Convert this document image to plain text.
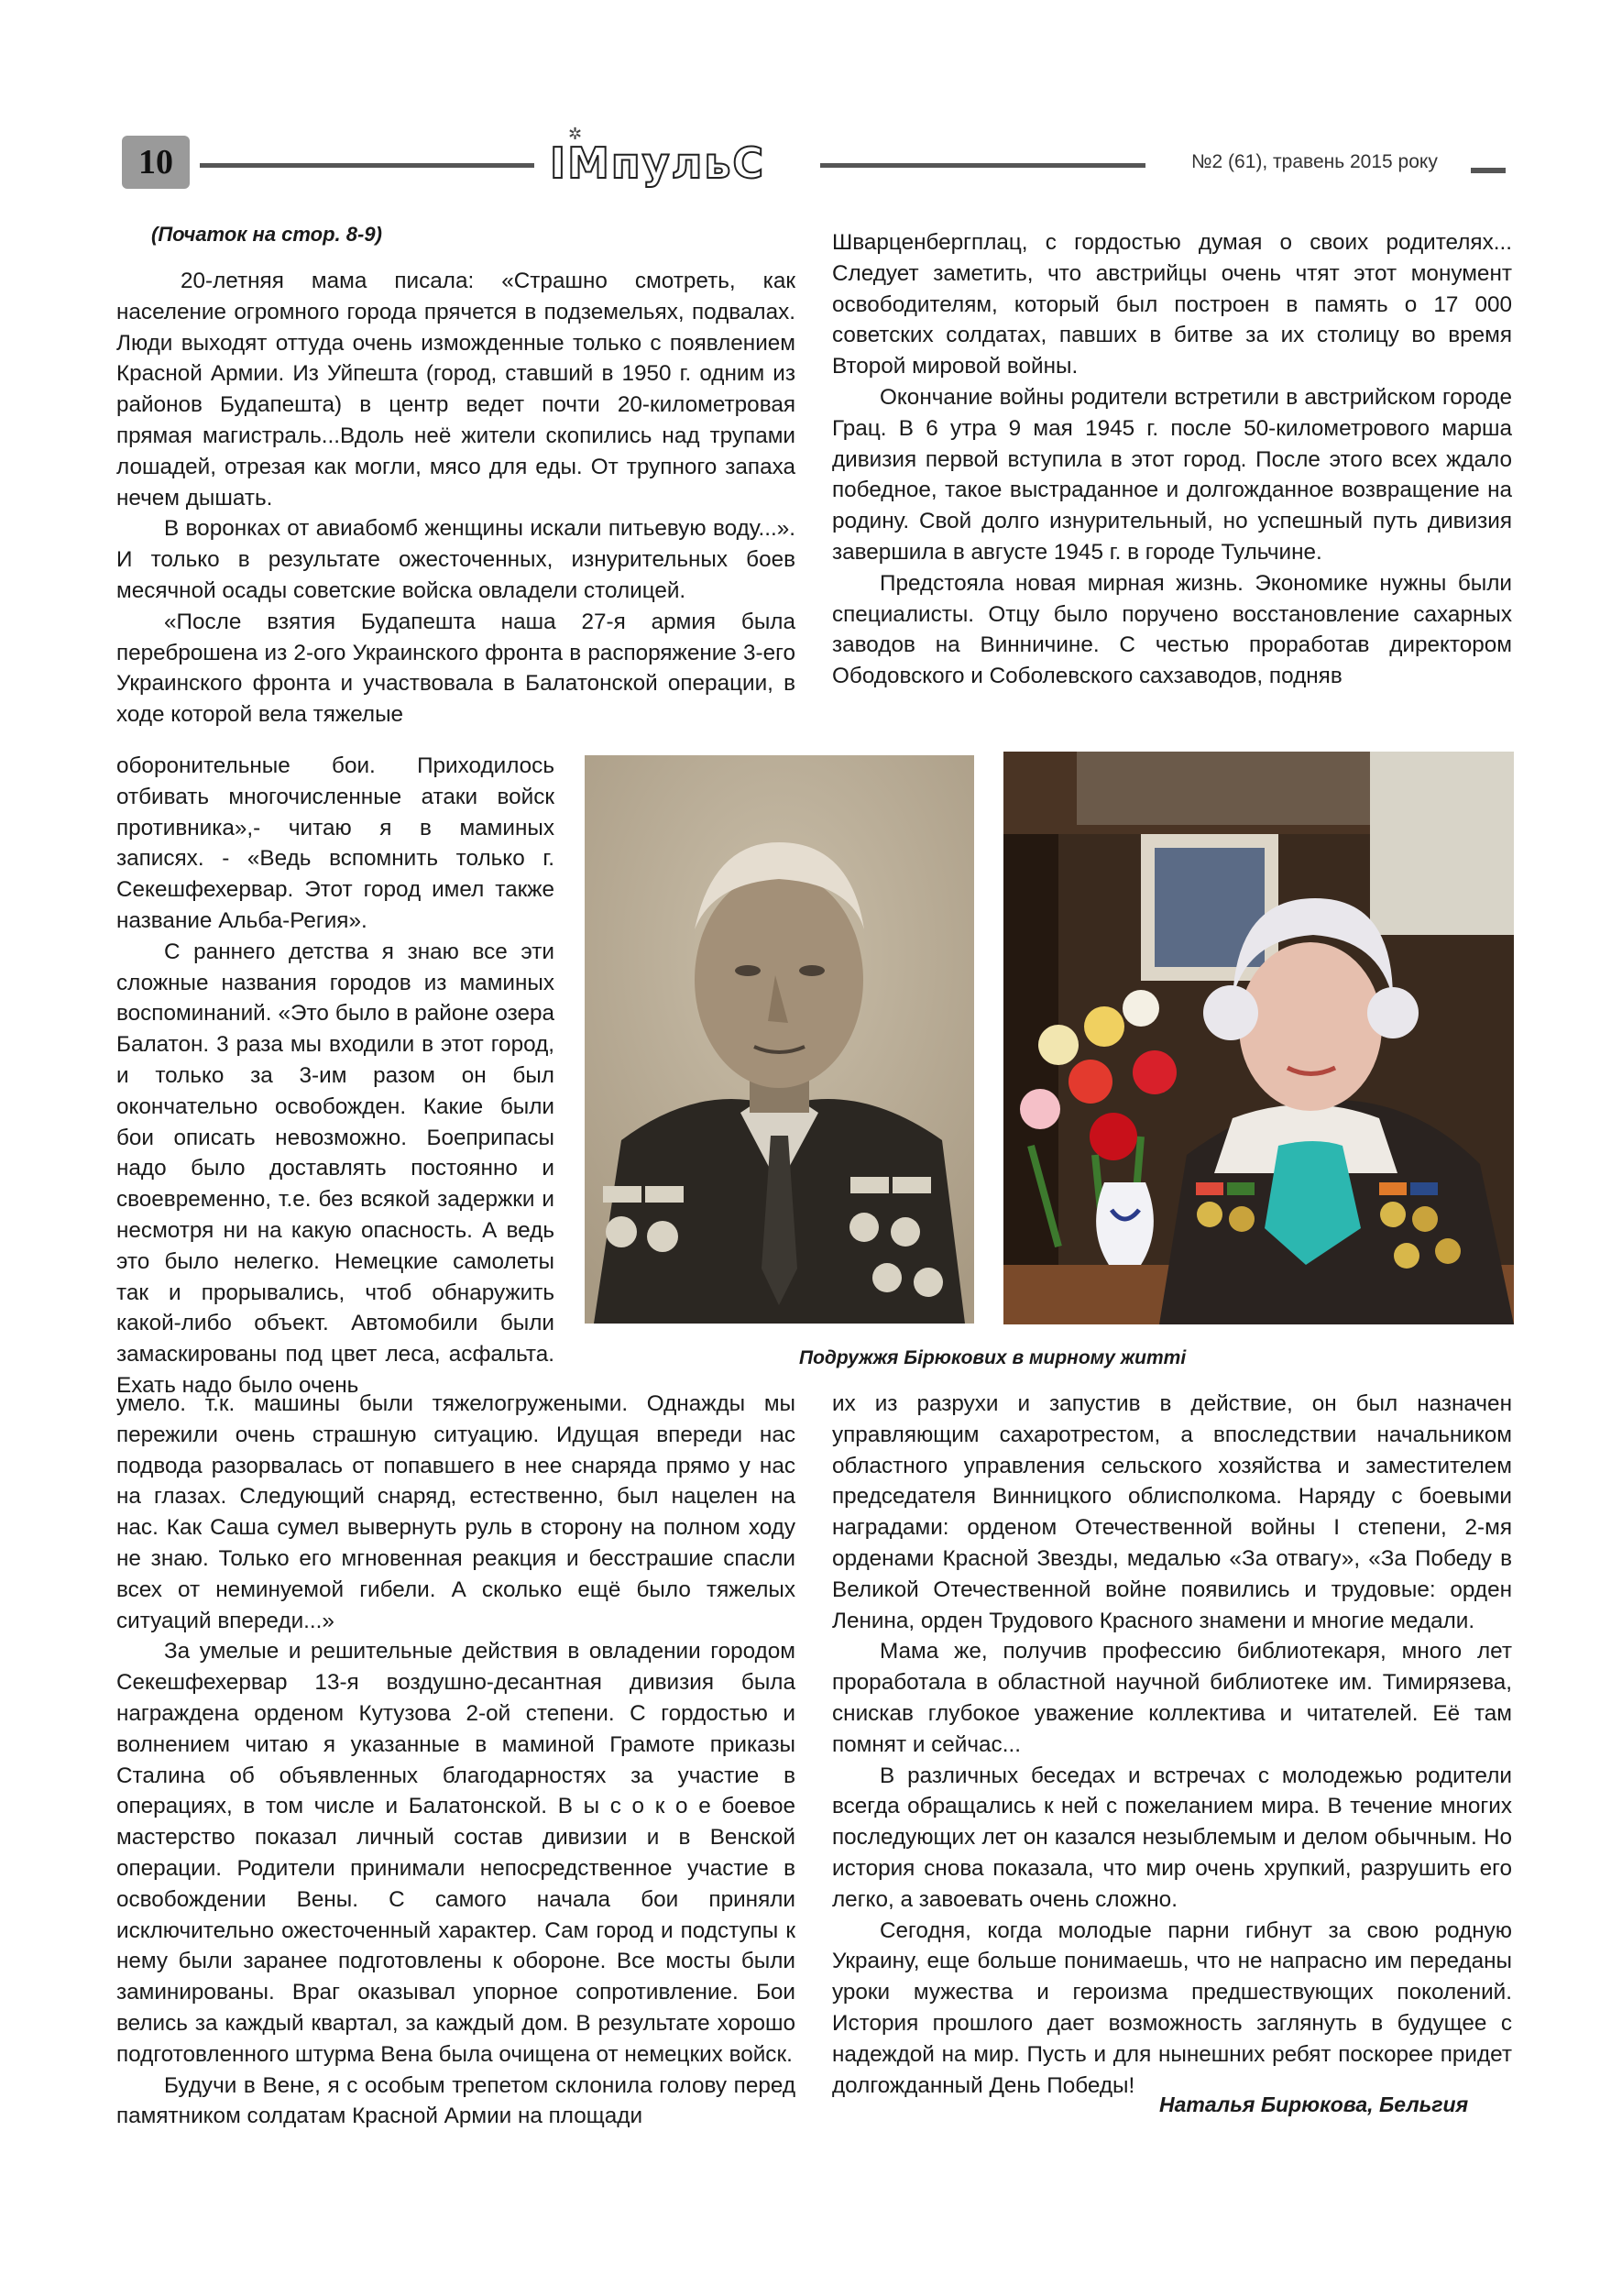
10
✲
ІМпульС	№2 (61), травень 2015 року
(Початок на стор. 8-9)

20-летняя мама писала: «Страшно смотреть, как население огромного города прячется в подземельях, подвалах. Люди выходят оттуда очень изможденные только с появлением Красной Армии. Из Уйпешта (город, ставший в 1950 г. одним из районов Будапешта) в центр ведет почти 20-километровая прямая магистраль...Вдоль неё жители скопились над трупами лошадей, отрезая как могли, мясо для еды. От трупного запаха нечем дышать.

В воронках от авиабомб женщины искали питьевую воду...». И только в результате ожесточенных, изнурительных боев месячной осады советские войска овладели столицей.

«После взятия Будапешта наша 27-я армия была переброшена из 2-ого Украинского фронта в распоряжение 3-его Украинского фронта и участвовала в Балатонской операции, в ходе которой вела тяжелые

оборонительные бои. Приходилось отбивать многочисленные атаки войск противника»,- читаю я в маминых записях. - «Ведь вспомнить только г. Секешфехервар. Этот город имел также название Альба-Регия».

С раннего детства я знаю все эти сложные названия городов из маминых воспоминаний. «Это было в районе озера Балатон. 3 раза мы входили в этот город, и только за 3-им разом он был окончательно освобожден. Какие были бои описать невозможно. Боеприпасы надо было доставлять постоянно и своевременно, т.е. без всякой задержки и несмотря ни на какую опасность. А ведь это было нелегко. Немецкие самолеты так и прорывались, чтоб обнаружить какой-либо объект. Автомобили были замаскированы под цвет леса, асфальта. Ехать надо было очень

умело. т.к. машины были тяжелогружеными. Однажды мы пережили очень страшную ситуацию. Идущая впереди нас подвода разорвалась от попавшего в нее снаряда прямо у нас на глазах. Следующий снаряд, естественно, был нацелен на нас. Как Саша сумел вывернуть руль в сторону на полном ходу не знаю. Только его мгновенная реакция и бесстрашие спасли всех от неминуемой гибели. А сколько ещё было тяжелых ситуаций впереди...»

За умелые и решительные действия в овладении городом Секешфехервар 13-я воздушно-десантная дивизия была награждена орденом Кутузова 2-ой степени. С гордостью и волнением читаю я указанные в маминой Грамоте приказы Сталина об объявленных благодарностях за участие в операциях, в том числе и Балатонской. В ы с о к о е боевое мастерство показал личный состав дивизии и в Венской операции. Родители принимали непосредственное участие в освобождении Вены. С самого начала бои приняли исключительно ожесточенный характер. Сам город и подступы к нему были заранее подготовлены к обороне. Все мосты были заминированы. Враг оказывал упорное сопротивление. Бои велись за каждый квартал, за каждый дом. В результате хорошо подготовленного штурма Вена была очищена от немецких войск.

Будучи в Вене, я с особым трепетом склонила голову перед памятником солдатам Красной Армии на площади

Шварценбергплац, с гордостью думая о своих родителях... Следует заметить, что австрийцы очень чтят этот монумент освободителям, который был построен в память о 17 000 советских солдатах, павших в битве за их столицу во время Второй мировой войны.

Окончание войны родители встретили в австрийском городе Грац. В 6 утра 9 мая 1945 г. после 50-километрового марша дивизия первой вступила в этот город. После этого всех ждало победное, такое выстраданное и долгожданное возвращение на родину. Свой долго изнурительный, но успешный путь дивизия завершила в августе 1945 г. в городе Тульчине.

Предстояла новая мирная жизнь. Экономике нужны были специалисты. Отцу было поручено восстановление сахарных заводов на Винничине. С честью проработав директором Ободовского и Соболевского сахзаводов, подняв

Подружжя Бірюкових в мирному житті

их из разрухи и запустив в действие, он был назначен управляющим сахаротрестом, а впоследствии начальником областного управления сельского хозяйства и заместителем председателя Винницкого облисполкома. Наряду с боевыми наградами: орденом Отечественной войны I степени, 2-мя орденами Красной Звезды, медалью «За отвагу», «За Победу в Великой Отечественной войне появились и трудовые: орден Ленина, орден Трудового Красного знамени и многие медали.

Мама же, получив профессию библиотекаря, много лет проработала в областной научной библиотеке им. Тимирязева, снискав глубокое уважение коллектива и читателей. Её там помнят и сейчас...

В различных беседах и встречах с молодежью родители всегда обращались к ней с пожеланием мира. В течение многих последующих лет он казался незыблемым и делом обычным. Но история снова показала, что мир очень хрупкий, разрушить его легко, а завоевать очень сложно.

Сегодня, когда молодые парни гибнут за свою родную Украину, еще больше понимаешь, что не напрасно им переданы уроки мужества и героизма предшествующих поколений. История прошлого дает возможность заглянуть в будущее с надеждой на мир. Пусть и для нынешних ребят поскорее придет долгожданный День Победы!

Наталья Бирюкова, Бельгия
